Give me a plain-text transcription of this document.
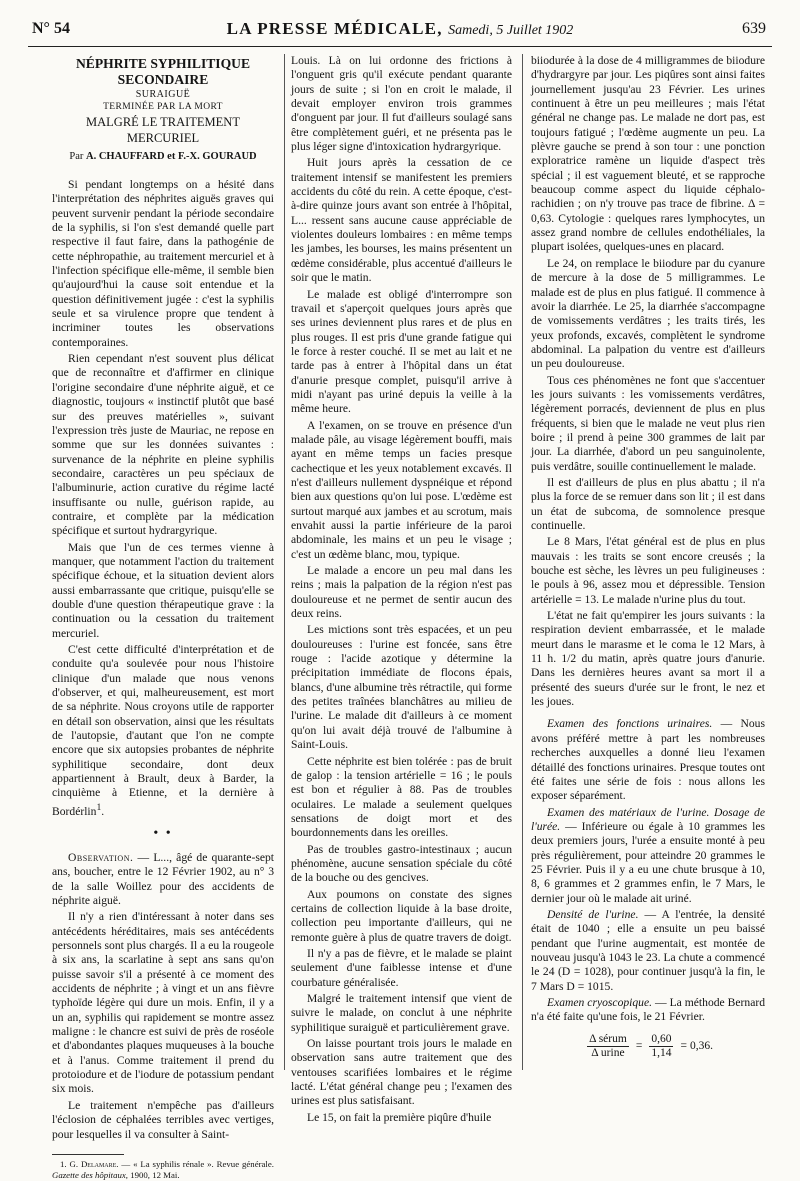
N° 54	LA PRESSE MÉDICALE, Samedi, 5 Juillet 1902	639
NÉPHRITE SYPHILITIQUE SECONDAIRE
SURAIGUË
TERMINÉE PAR LA MORT
MALGRÉ LE TRAITEMENT MERCURIEL
Par A. CHAUFFARD et F.-X. GOURAUD

Si pendant longtemps on a hésité dans l'interprétation des néphrites aiguës graves qui peuvent survenir pendant la période secondaire de la syphilis, si l'on s'est demandé quelle part respective il faut faire, dans la pathogénie de cette néphropathie, au traitement mercuriel et à l'infection spécifique elle-même, il semble bien qu'aujourd'hui la cause soit entendue et la question définitivement jugée : c'est la syphilis seule et sa virulence propre que tendent à incriminer toutes les observations contemporaines.

Rien cependant n'est souvent plus délicat que de reconnaître et d'affirmer en clinique l'origine secondaire d'une néphrite aiguë, et ce diagnostic, toujours « instinctif plutôt que basé sur des preuves matérielles », suivant l'expression très juste de Mauriac, ne repose en somme que sur les données suivantes : survenance de la néphrite en pleine syphilis secondaire, caractères un peu spéciaux de l'albuminurie, action curative du régime lacté insuffisante ou nulle, guérison rapide, au contraire, et complète par la médication spécifique et surtout hydrargyrique.

Mais que l'un de ces termes vienne à manquer, que notamment l'action du traitement spécifique échoue, et la situation devient alors aussi embarrassante que critique, puisqu'elle se double d'une question thérapeutique grave : la continuation ou la cessation du traitement mercuriel.

C'est cette difficulté d'interprétation et de conduite qu'a soulevée pour nous l'histoire clinique d'un malade que nous venons d'observer, et qui, malheureusement, est mort de sa néphrite. Nous croyons utile de rapporter en détail son observation, ainsi que les résultats de l'autopsie, d'autant que l'on ne compte encore que six autopsies probantes de néphrite syphilitique secondaire, dont deux appartiennent à Brault, deux à Barder, la cinquième à Etienne, et la dernière à Bordérlin$^1$.

• •

Observation. — L..., âgé de quarante-sept ans, boucher, entre le 12 Février 1902, au n° 3 de la salle Woillez pour des accidents de néphrite aiguë.

Il n'y a rien d'intéressant à noter dans ses antécédents héréditaires, mais ses antécédents personnels sont plus chargés. Il a eu la rougeole à six ans, la scarlatine à sept ans sans qu'on puisse savoir s'il a présenté à ce moment des accidents de néphrite ; à vingt et un ans fièvre typhoïde légère qui dure un mois. Enfin, il y a un an, syphilis qui rapidement se montre assez maligne : le chancre est suivi de près de roséole et d'abondantes plaques muqueuses à la bouche et à l'anus. Comme traitement il prend du protoiodure et de l'iodure de potassium pendant six mois.

Le traitement n'empêche pas d'ailleurs l'éclosion de céphalées terribles avec vertiges, pour lesquelles il va consulter à Saint-

1. G. Delamare. — « La syphilis rénale ». Revue générale. Gazette des hôpitaux, 1900, 12 Mai.

Louis. Là on lui ordonne des frictions à l'onguent gris qu'il exécute pendant quarante jours de suite ; si l'on en croit le malade, il devait employer environ trois grammes d'onguent par jour. Il fut d'ailleurs soulagé sans être complètement guéri, et ne présenta pas le plus léger signe d'intoxication hydrargyrique.

Huit jours après la cessation de ce traitement intensif se manifestent les premiers accidents du côté du rein. A cette époque, c'est-à-dire quinze jours avant son entrée à l'hôpital, L... ressent sans aucune cause appréciable de violentes douleurs lombaires : en même temps les jambes, les bourses, les mains présentent un œdème considérable, plus accentué d'ailleurs le soir que le matin.

Le malade est obligé d'interrompre son travail et s'aperçoit quelques jours après que ses urines deviennent plus rares et de plus en plus rouges. Il est pris d'une grande fatigue qui le force à rester couché. Il se met au lait et ne tarde pas à entrer à l'hôpital dans un état d'anurie presque complet, puisqu'il arrive à midi n'ayant pas uriné depuis la veille à la même heure.

A l'examen, on se trouve en présence d'un malade pâle, au visage légèrement bouffi, mais ayant en même temps un facies presque cachectique et les yeux notablement excavés. Il n'est d'ailleurs nullement dyspnéique et répond bien aux questions qu'on lui pose. L'œdème est surtout marqué aux jambes et au scrotum, mais envahit aussi la partie inférieure de la paroi abdominale, les mains et un peu le visage ; c'est un œdème blanc, mou, typique.

Le malade a encore un peu mal dans les reins ; mais la palpation de la région n'est pas douloureuse et ne permet de sentir aucun des deux reins.

Les mictions sont très espacées, et un peu douloureuses : l'urine est foncée, sans être rouge : l'acide azotique y détermine la précipitation immédiate de flocons épais, blancs, d'une albumine très rétractile, qui forme des petites traînées blanchâtres au milieu de l'urine. Le malade dit d'ailleurs à ce moment qu'on lui avait déjà trouvé de l'albumine à Saint-Louis.

Cette néphrite est bien tolérée : pas de bruit de galop : la tension artérielle = 16 ; le pouls est bon et régulier à 88. Pas de troubles oculaires. Le malade a seulement quelques sensations de doigt mort et des bourdonnements dans les oreilles.

Pas de troubles gastro-intestinaux ; aucun phénomène, aucune sensation spéciale du côté de la bouche ou des gencives.

Aux poumons on constate des signes certains de collection liquide à la base droite, collection peu importante d'ailleurs, qui ne remonte guère à plus de quatre travers de doigt.

Il n'y a pas de fièvre, et le malade se plaint seulement d'une faiblesse intense et d'une courbature généralisée.

Malgré le traitement intensif que vient de suivre le malade, on conclut à une néphrite syphilitique suraiguë et particulièrement grave.

On laisse pourtant trois jours le malade en observation sans autre traitement que des ventouses scarifiées lombaires et le régime lacté. L'état général change peu ; l'examen des urines est plus satisfaisant.

Le 15, on fait la première piqûre d'huile

biiodurée à la dose de 4 milligrammes de biiodure d'hydrargyre par jour. Les piqûres sont ainsi faites journellement jusqu'au 23 Février. Les urines continuent à être un peu meilleures ; mais l'état général ne change pas. Le malade ne dort pas, est toujours fatigué ; l'œdème augmente un peu. La plèvre gauche se prend à son tour : une ponction exploratrice ramène un liquide d'aspect très spécial ; il est vaguement bleuté, et se rapproche beaucoup comme aspect du liquide céphalo-rachidien ; on n'y trouve pas trace de fibrine. Δ = 0,63. Cytologie : quelques rares lymphocytes, un assez grand nombre de cellules endothéliales, la plupart isolées, quelques-unes en placard.

Le 24, on remplace le biiodure par du cyanure de mercure à la dose de 5 milligrammes. Le malade est de plus en plus fatigué. Il commence à avoir la diarrhée. Le 25, la diarrhée s'accompagne de vomissements verdâtres ; les traits tirés, les yeux profonds, excavés, complètent le syndrome abdominal. La palpation du ventre est d'ailleurs un peu douloureuse.

Tous ces phénomènes ne font que s'accentuer les jours suivants : les vomissements verdâtres, légèrement porracés, deviennent de plus en plus fréquents, si bien que le malade ne veut plus rien boire ; il prend à peine 300 grammes de lait par jour. La diarrhée, d'abord un peu sanguinolente, puis verdâtre, souille continuellement le malade.

Il est d'ailleurs de plus en plus abattu ; il n'a plus la force de se remuer dans son lit ; il est dans un état de subcoma, de somnolence presque continuelle.

Le 8 Mars, l'état général est de plus en plus mauvais : les traits se sont encore creusés ; la bouche est sèche, les lèvres un peu fuligineuses : le pouls à 96, assez mou et dépressible. Tension artérielle = 13. Le malade n'urine plus du tout.

L'état ne fait qu'empirer les jours suivants : la respiration devient embarrassée, et le malade meurt dans le marasme et le coma le 12 Mars, à 11 h. 1/2 du matin, après quatre jours d'anurie. Dans les dernières heures avant sa mort il a présenté des sueurs d'urée sur le front, le nez et les joues.

Examen des fonctions urinaires. — Nous avons préféré mettre à part les nombreuses recherches auxquelles a donné lieu l'examen détaillé des fonctions urinaires. Presque toutes ont été faites une série de fois : nous allons les exposer séparément.

Examen des matériaux de l'urine. Dosage de l'urée. — Inférieure ou égale à 10 grammes les deux premiers jours, l'urée a ensuite monté à peu près régulièrement, pour atteindre 20 grammes le 25 Février. Puis il y a eu une chute brusque à 10, 8, 6 grammes et 2 grammes enfin, le 7 Mars, le dernier jour où le malade ait uriné.

Densité de l'urine. — A l'entrée, la densité était de 1040 ; elle a ensuite un peu baissé pendant que l'urine augmentait, est montée de nouveau jusqu'à 1043 le 23. La chute a commencé le 24 (D = 1028), pour continuer jusqu'à la fin, le 7 Mars D = 1015.

Examen cryoscopique. — La méthode Bernard n'a été faite qu'une fois, le 21 Février.

$\frac{\text{Δ sérum}}{\text{Δ urine}} = \frac{0,60}{1,14} = 0,36$.
